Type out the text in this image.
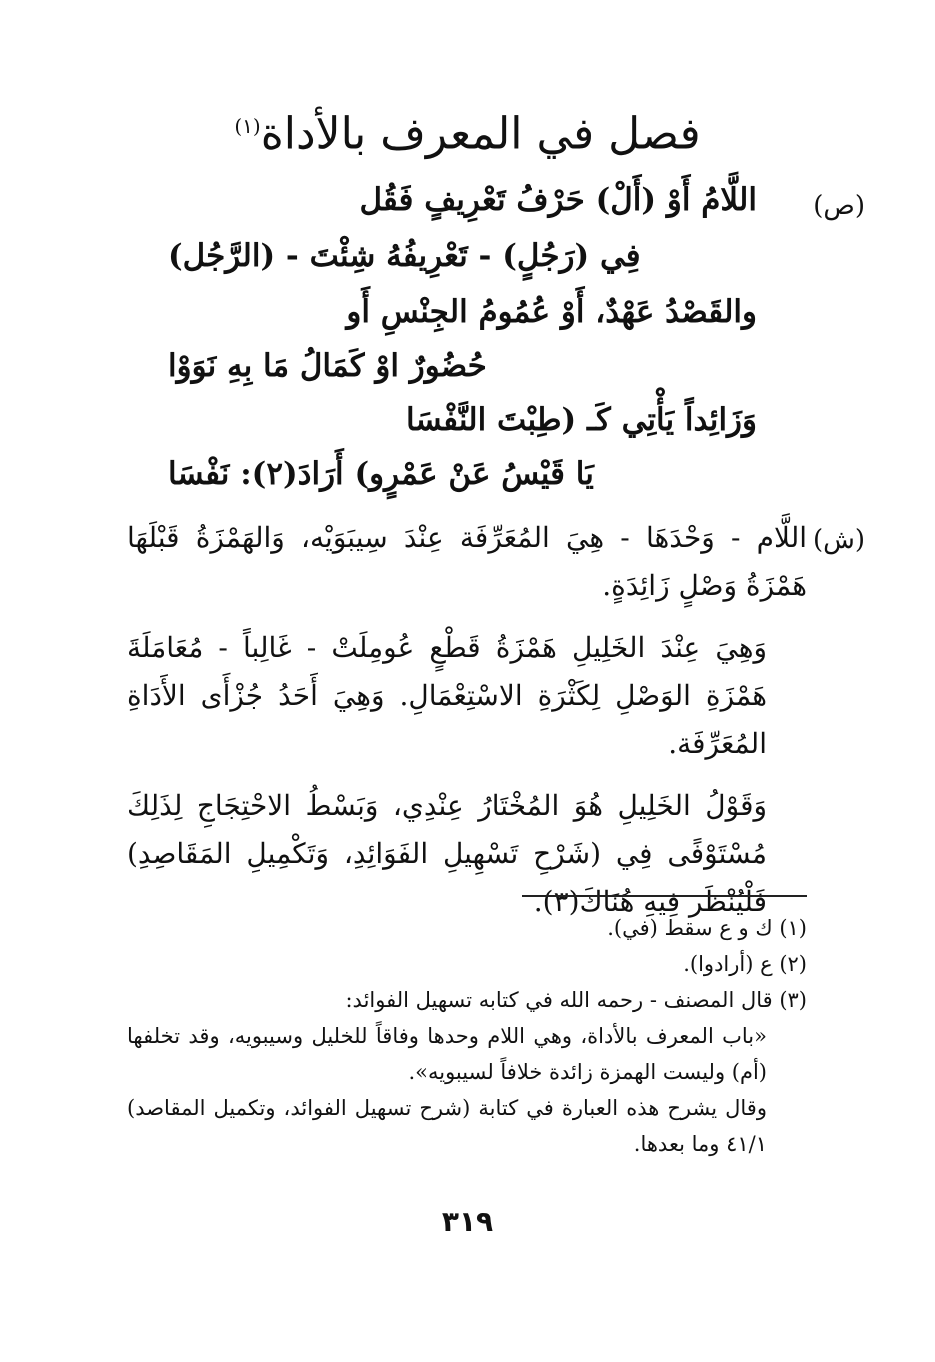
فصل في المعرف بالأداة$^{(١)}$
(ص)
اللَّامُ أَوْ (أَلْ) حَرْفُ تَعْرِيفٍ فَقُل
فِي (رَجُلٍ) - تَعْرِيفُهُ شِئْتَ - (الرَّجُل)
والقَصْدُ عَهْدٌ، أَوْ عُمُومُ الجِنْسِ أَو
حُضُورٌ اوْ كَمَالُ مَا بِهِ نَوَوْا
وَزَائِداً يَأْتِي كَـ (طِبْتَ النَّفْسَا
يَا قَيْسُ عَنْ عَمْرٍو) أَرَادَ(٢): نَفْسَا
(ش)

اللَّام - وَحْدَهَا - هِيَ المُعَرِّفَة عِنْدَ سِيبَوَيْه، وَالهَمْزَةُ قَبْلَهَا هَمْزَةُ وَصْلٍ زَائِدَةٍ.

وَهِيَ عِنْدَ الخَلِيلِ هَمْزَةُ قَطْعٍ عُومِلَتْ - غَالِباً - مُعَامَلَةَ هَمْزَةِ الوَصْلِ لِكَثْرَةِ الاسْتِعْمَالِ. وَهِيَ أَحَدُ جُزْأَى الأَدَاةِ المُعَرِّفَة.

وَقَوْلُ الخَلِيلِ هُوَ المُخْتَارُ عِنْدِي، وَبَسْطُ الاحْتِجَاجِ لِذَلِكَ مُسْتَوْفًى فِي (شَرْحِ تَسْهِيلِ الفَوَائِدِ، وَتَكْمِيلِ المَقَاصِدِ) فَلْيُنْظَر فِيهِ هُنَاكَ(٣).

(١) ك و ع سقط (في).

(٢) ع (أرادوا).

(٣) قال المصنف - رحمه الله في كتابه تسهيل الفوائد:

«باب المعرف بالأداة، وهي اللام وحدها وفاقاً للخليل وسيبويه، وقد تخلفها (أم) وليست الهمزة زائدة خلافاً لسيبويه».

وقال يشرح هذه العبارة في كتابة (شرح تسهيل الفوائد، وتكميل المقاصد) ٤١/١ وما بعدها.

٣١٩
